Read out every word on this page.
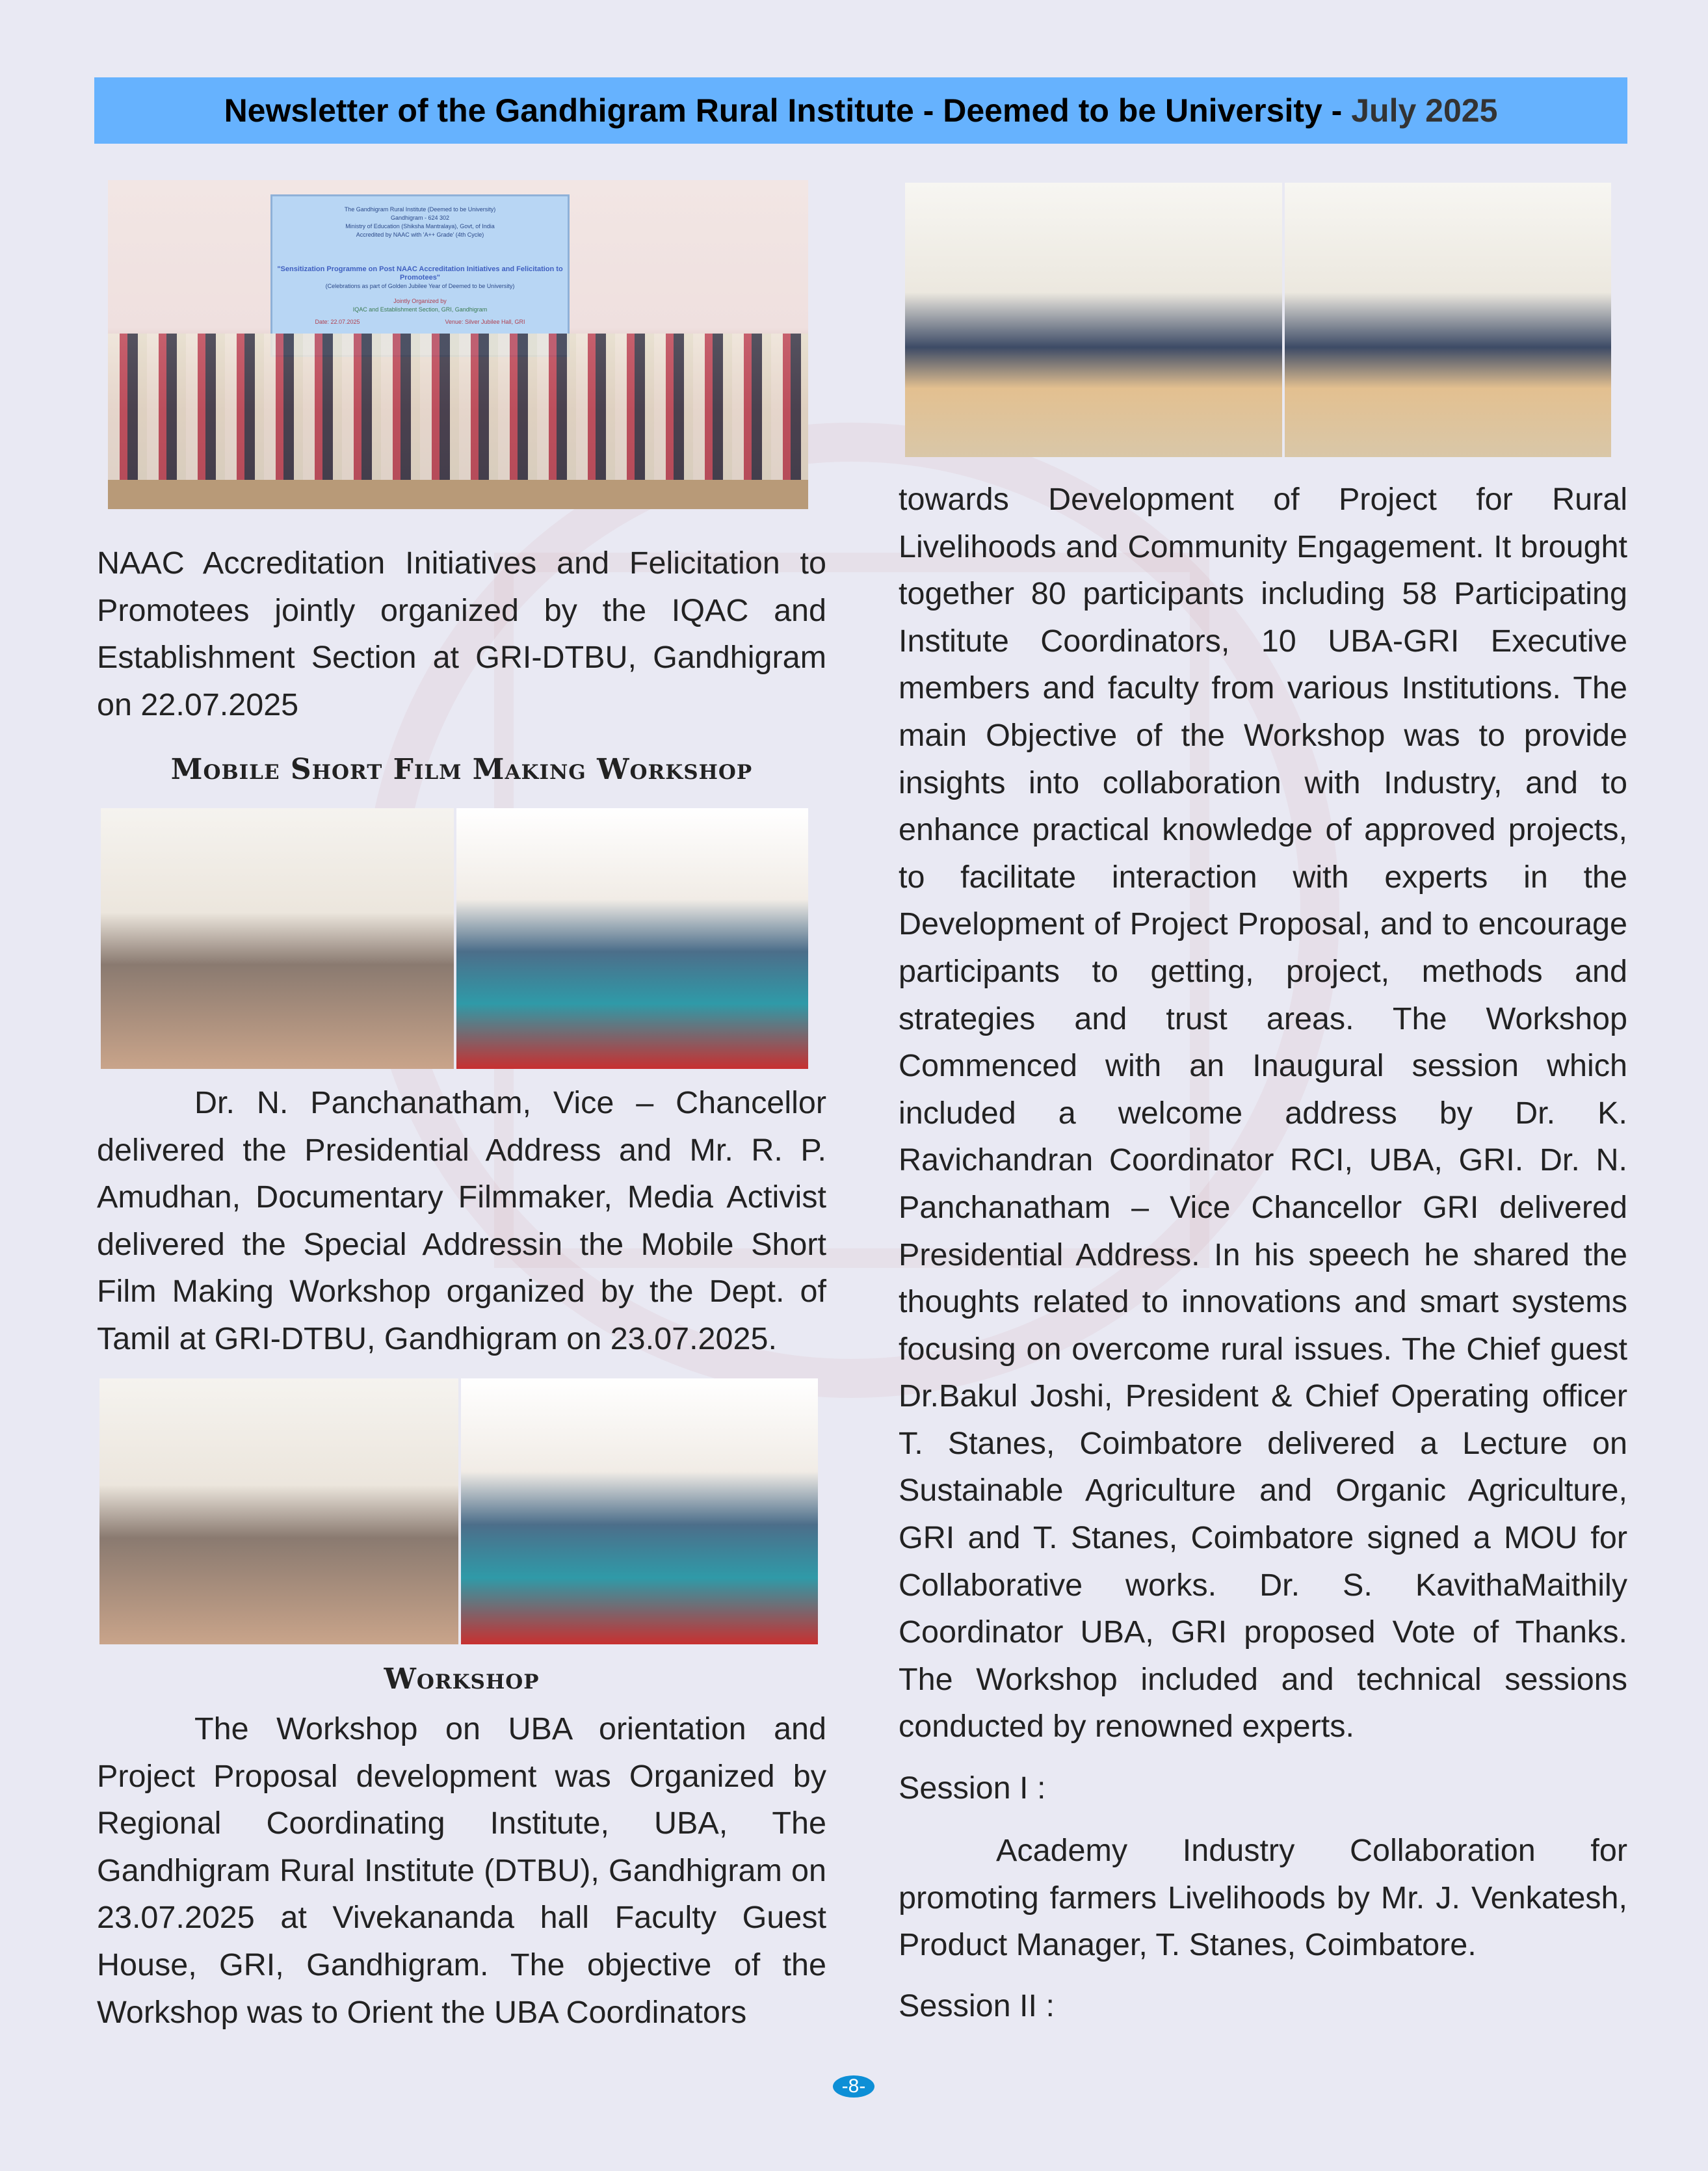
Newsletter of the Gandhigram Rural Institute - Deemed to be University - July 2025
The Gandhigram Rural Institute (Deemed to be University)
Gandhigram - 624 302
Ministry of Education (Shiksha Mantralaya), Govt, of India
Accredited by NAAC with 'A++ Grade' (4th Cycle)
"Sensitization Programme on Post NAAC Accreditation Initiatives and Felicitation to Promotees"
(Celebrations as part of Golden Jubilee Year of Deemed to be University)
Jointly Organized by
IQAC and Establishment Section, GRI, Gandhigram
Date: 22.07.2025	Venue: Silver Jubilee Hall, GRI
NAAC Accreditation Initiatives and Felicitation to Promotees jointly organized by the IQAC and Establishment Section at GRI-DTBU, Gandhigram on 22.07.2025
Mobile Short Film Making Workshop
Dr. N. Panchanatham, Vice – Chancellor delivered the Presidential Address and Mr. R. P. Amudhan, Documentary Filmmaker, Media Activist delivered the Special Addressin the Mobile Short Film Making Workshop organized by the Dept. of Tamil at GRI-DTBU, Gandhigram on 23.07.2025.
Workshop
The Workshop on UBA orientation and Project Proposal development was Organized by Regional Coordinating Institute, UBA, The Gandhigram Rural Institute (DTBU), Gandhigram on 23.07.2025 at Vivekananda hall Faculty Guest House, GRI, Gandhigram. The objective of the Workshop was to Orient the UBA Coordinators
towards Development of Project for Rural Livelihoods and Community Engagement. It brought together 80 participants including 58 Participating Institute Coordinators, 10 UBA-GRI Executive members and faculty from various Institutions. The main Objective of the Workshop was to provide insights into collaboration with Industry, and to enhance practical knowledge of approved projects, to facilitate interaction with experts in the Development of Project Proposal, and to encourage participants to getting, project, methods and strategies and trust areas. The Workshop Commenced with an Inaugural session which included a welcome address by Dr. K. Ravichandran Coordinator RCI, UBA, GRI. Dr. N. Panchanatham – Vice Chancellor GRI delivered Presidential Address. In his speech he shared the thoughts related to innovations and smart systems focusing on overcome rural issues. The Chief guest Dr.Bakul Joshi, President & Chief Operating officer T. Stanes, Coimbatore delivered a Lecture on Sustainable Agriculture and Organic Agriculture, GRI and T. Stanes, Coimbatore signed a MOU for Collaborative works. Dr. S. KavithaMaithily Coordinator UBA, GRI proposed Vote of Thanks. The Workshop included and technical sessions conducted by renowned experts.
Session I :
Academy Industry Collaboration for promoting farmers Livelihoods by Mr. J. Venkatesh, Product Manager, T. Stanes, Coimbatore.
Session II :
-8-
